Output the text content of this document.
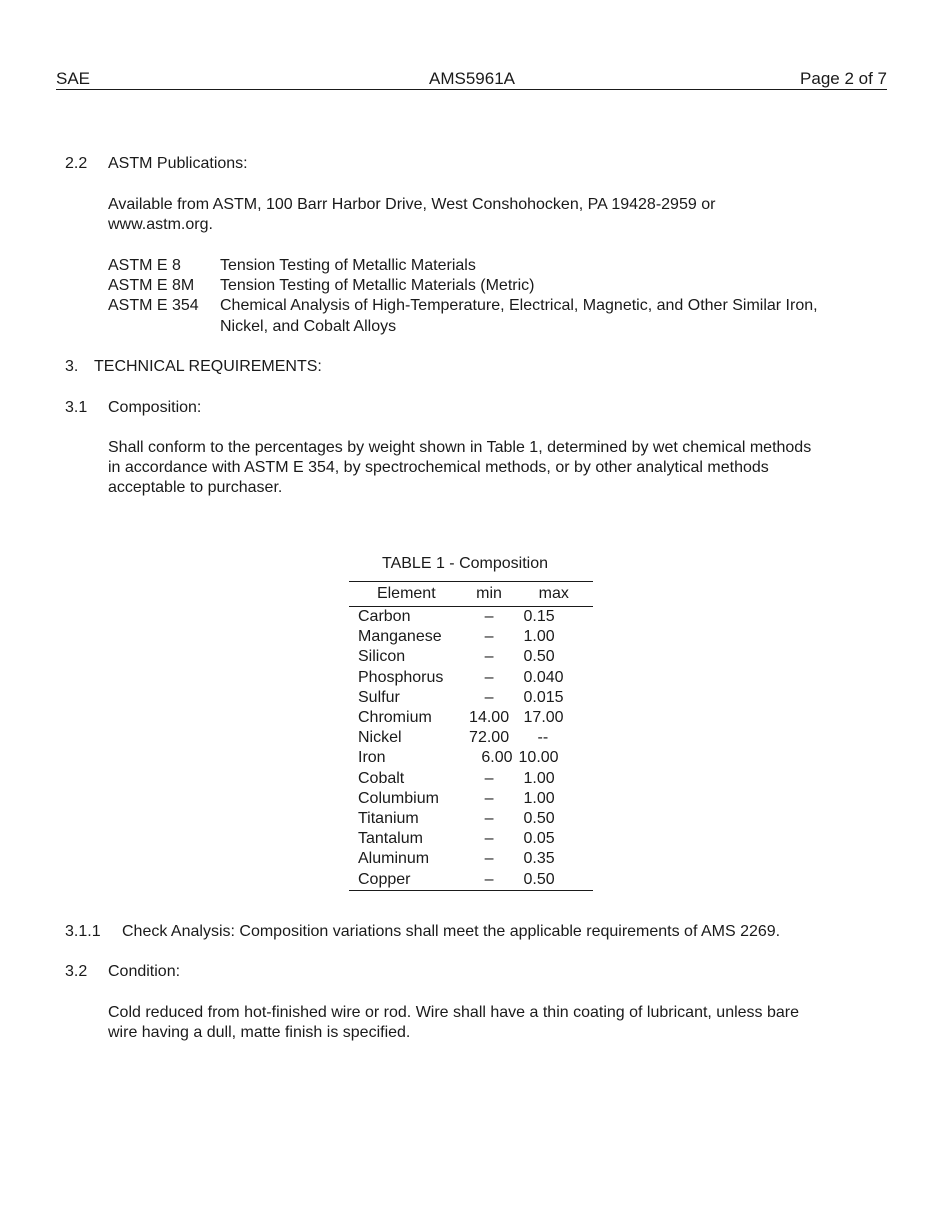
SAE	AMS5961A	Page 2 of 7
2.2 ASTM Publications:
Available from ASTM, 100 Barr Harbor Drive, West Conshohocken, PA 19428-2959 or
www.astm.org.
ASTM E 8 Tension Testing of Metallic Materials
ASTM E 8M Tension Testing of Metallic Materials (Metric)
ASTM E 354 Chemical Analysis of High-Temperature, Electrical, Magnetic, and Other Similar Iron,
Nickel, and Cobalt Alloys
3. TECHNICAL REQUIREMENTS:
3.1 Composition:
Shall conform to the percentages by weight shown in Table 1, determined by wet chemical methods
in accordance with ASTM E 354, by spectrochemical methods, or by other analytical methods
acceptable to purchaser.
TABLE 1 - Composition
Element	min	max
Carbon	–	0.15
Manganese	–	1.00
Silicon	–	0.50
Phosphorus	–	0.040
Sulfur	–	0.015
Chromium	14.00	17.00
Nickel	72.00	--
Iron	6.00	10.00
Cobalt	–	1.00
Columbium	–	1.00
Titanium	–	0.50
Tantalum	–	0.05
Aluminum	–	0.35
Copper	–	0.50
3.1.1 Check Analysis: Composition variations shall meet the applicable requirements of AMS 2269.
3.2 Condition:
Cold reduced from hot-finished wire or rod. Wire shall have a thin coating of lubricant, unless bare
wire having a dull, matte finish is specified.
